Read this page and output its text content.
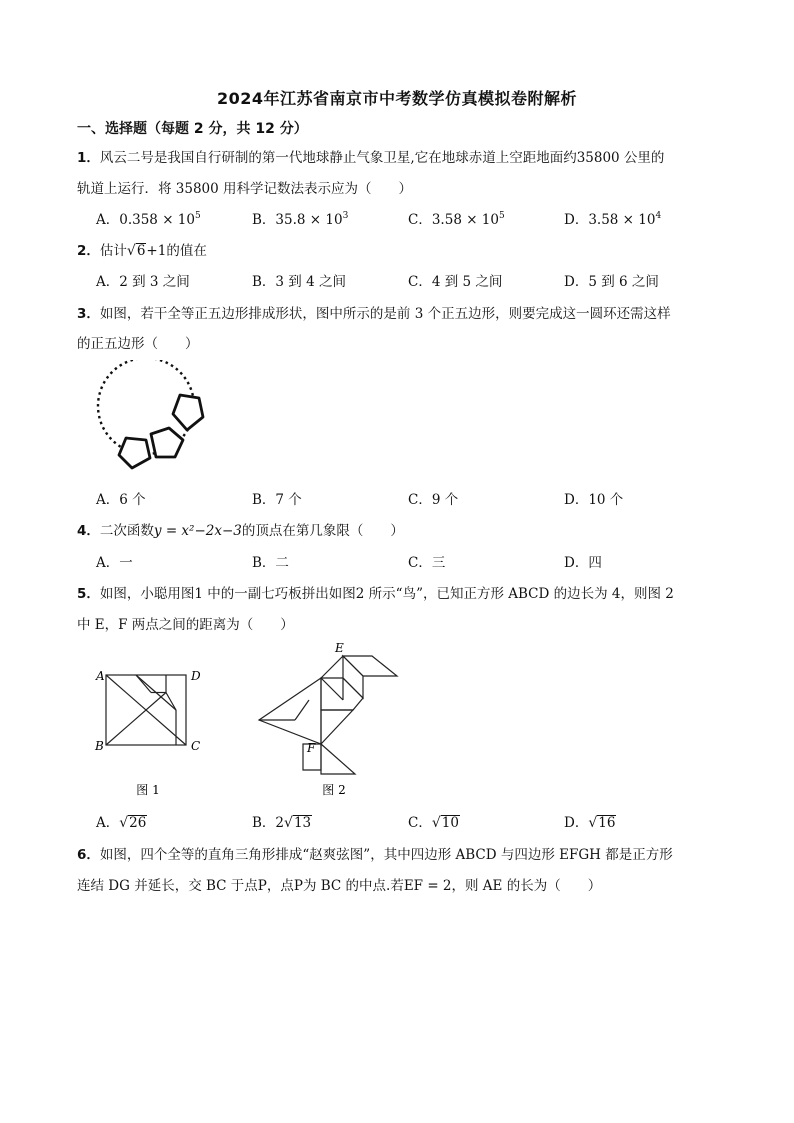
2024年江苏省南京市中考数学仿真模拟卷附解析
一、选择题（每题 2 分，共 12 分）
1．风云二号是我国自行研制的第一代地球静止气象卫星,它在地球赤道上空距地面约35800 公里的
轨道上运行．将 35800 用科学记数法表示应为（　　）
A．$0.358 \times 10^5$	B．$35.8 \times 10^3$	C．$3.58 \times 10^5$	D．$3.58 \times 10^4$
2．估计√6+1的值在
A．2 到 3 之间	B．3 到 4 之间	C．4 到 5 之间	D．5 到 6 之间
3．如图，若干全等正五边形排成形状，图中所示的是前 3 个正五边形，则要完成这一圆环还需这样
的正五边形（　　）
A．6 个	B．7 个	C．9 个	D．10 个
4．二次函数y = x²−2x−3的顶点在第几象限（　　）
A．一	B．二	C．三	D．四
5．如图，小聪用图1 中的一副七巧板拼出如图2 所示“鸟”，已知正方形 ABCD 的边长为 4，则图 2
中 E，F 两点之间的距离为（　　）
A	D
B	C
图 1
E
F
图 2
A．√26	B．2√13	C．√10	D．√16
6．如图，四个全等的直角三角形排成“赵爽弦图”，其中四边形 ABCD 与四边形 EFGH 都是正方形
连结 DG 并延长，交 BC 于点P，点P为 BC 的中点.若EF = 2，则 AE 的长为（　　）
